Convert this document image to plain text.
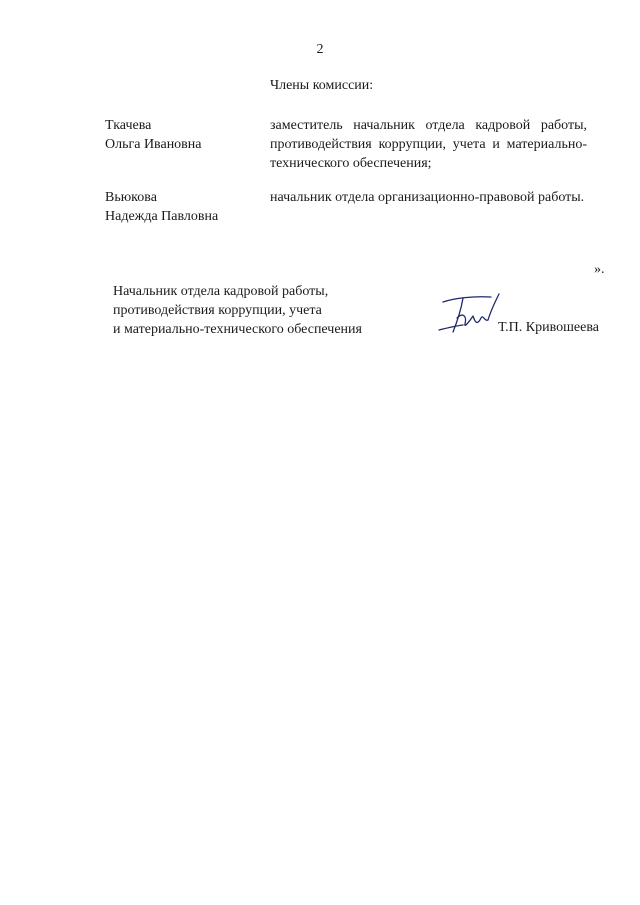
2
Члены комиссии:
Ткачева
Ольга Ивановна
заместитель начальник отдела кадровой работы, противодействия коррупции, учета и материально-технического обеспечения;
Вьюкова
Надежда Павловна
начальник отдела организационно-правовой работы.
».
Начальник отдела кадровой работы,
противодействия коррупции, учета
и материально-технического обеспечения	Т.П. Кривошеева
